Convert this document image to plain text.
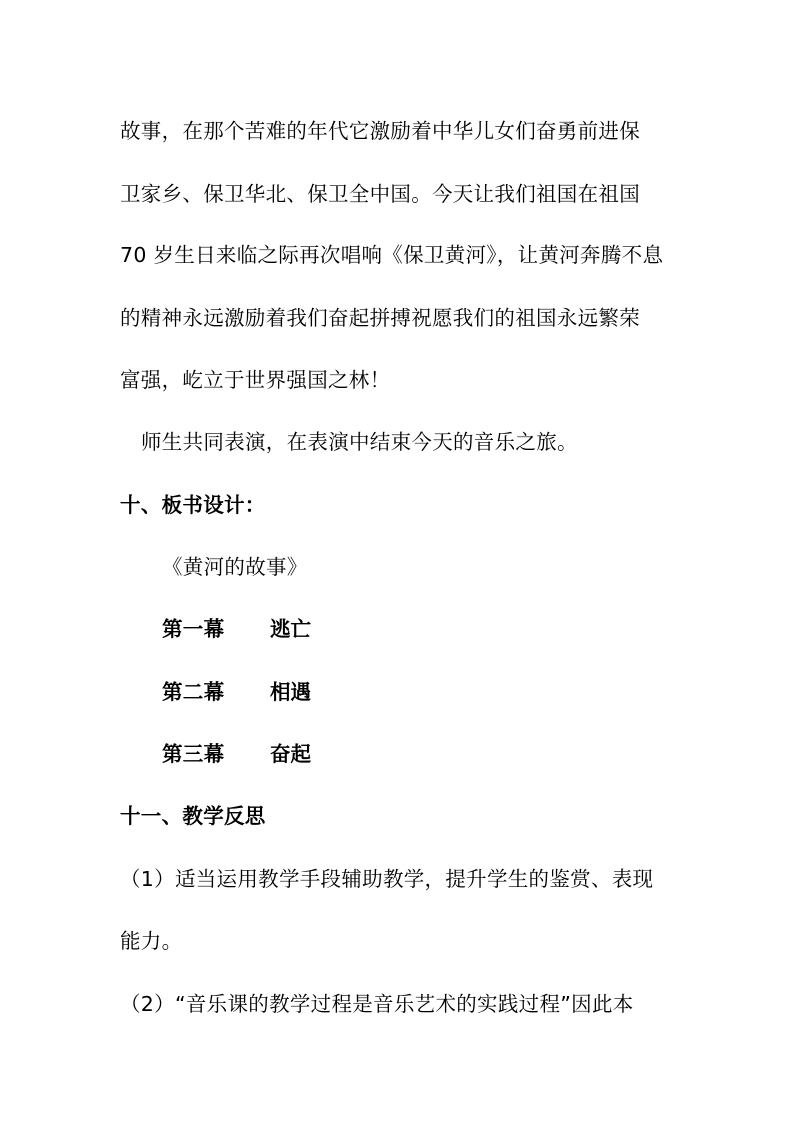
故事，在那个苦难的年代它激励着中华儿女们奋勇前进保
卫家乡、保卫华北、保卫全中国。今天让我们祖国在祖国
70 岁生日来临之际再次唱响《保卫黄河》，让黄河奔腾不息
的精神永远激励着我们奋起拼搏祝愿我们的祖国永远繁荣
富强，屹立于世界强国之林！
师生共同表演，在表演中结束今天的音乐之旅。
十、板书设计：
《黄河的故事》
第一幕 逃亡
第二幕 相遇
第三幕 奋起
十一、教学反思
（1）适当运用教学手段辅助教学，提升学生的鉴赏、表现
能力。
（2）“音乐课的教学过程是音乐艺术的实践过程”因此本
